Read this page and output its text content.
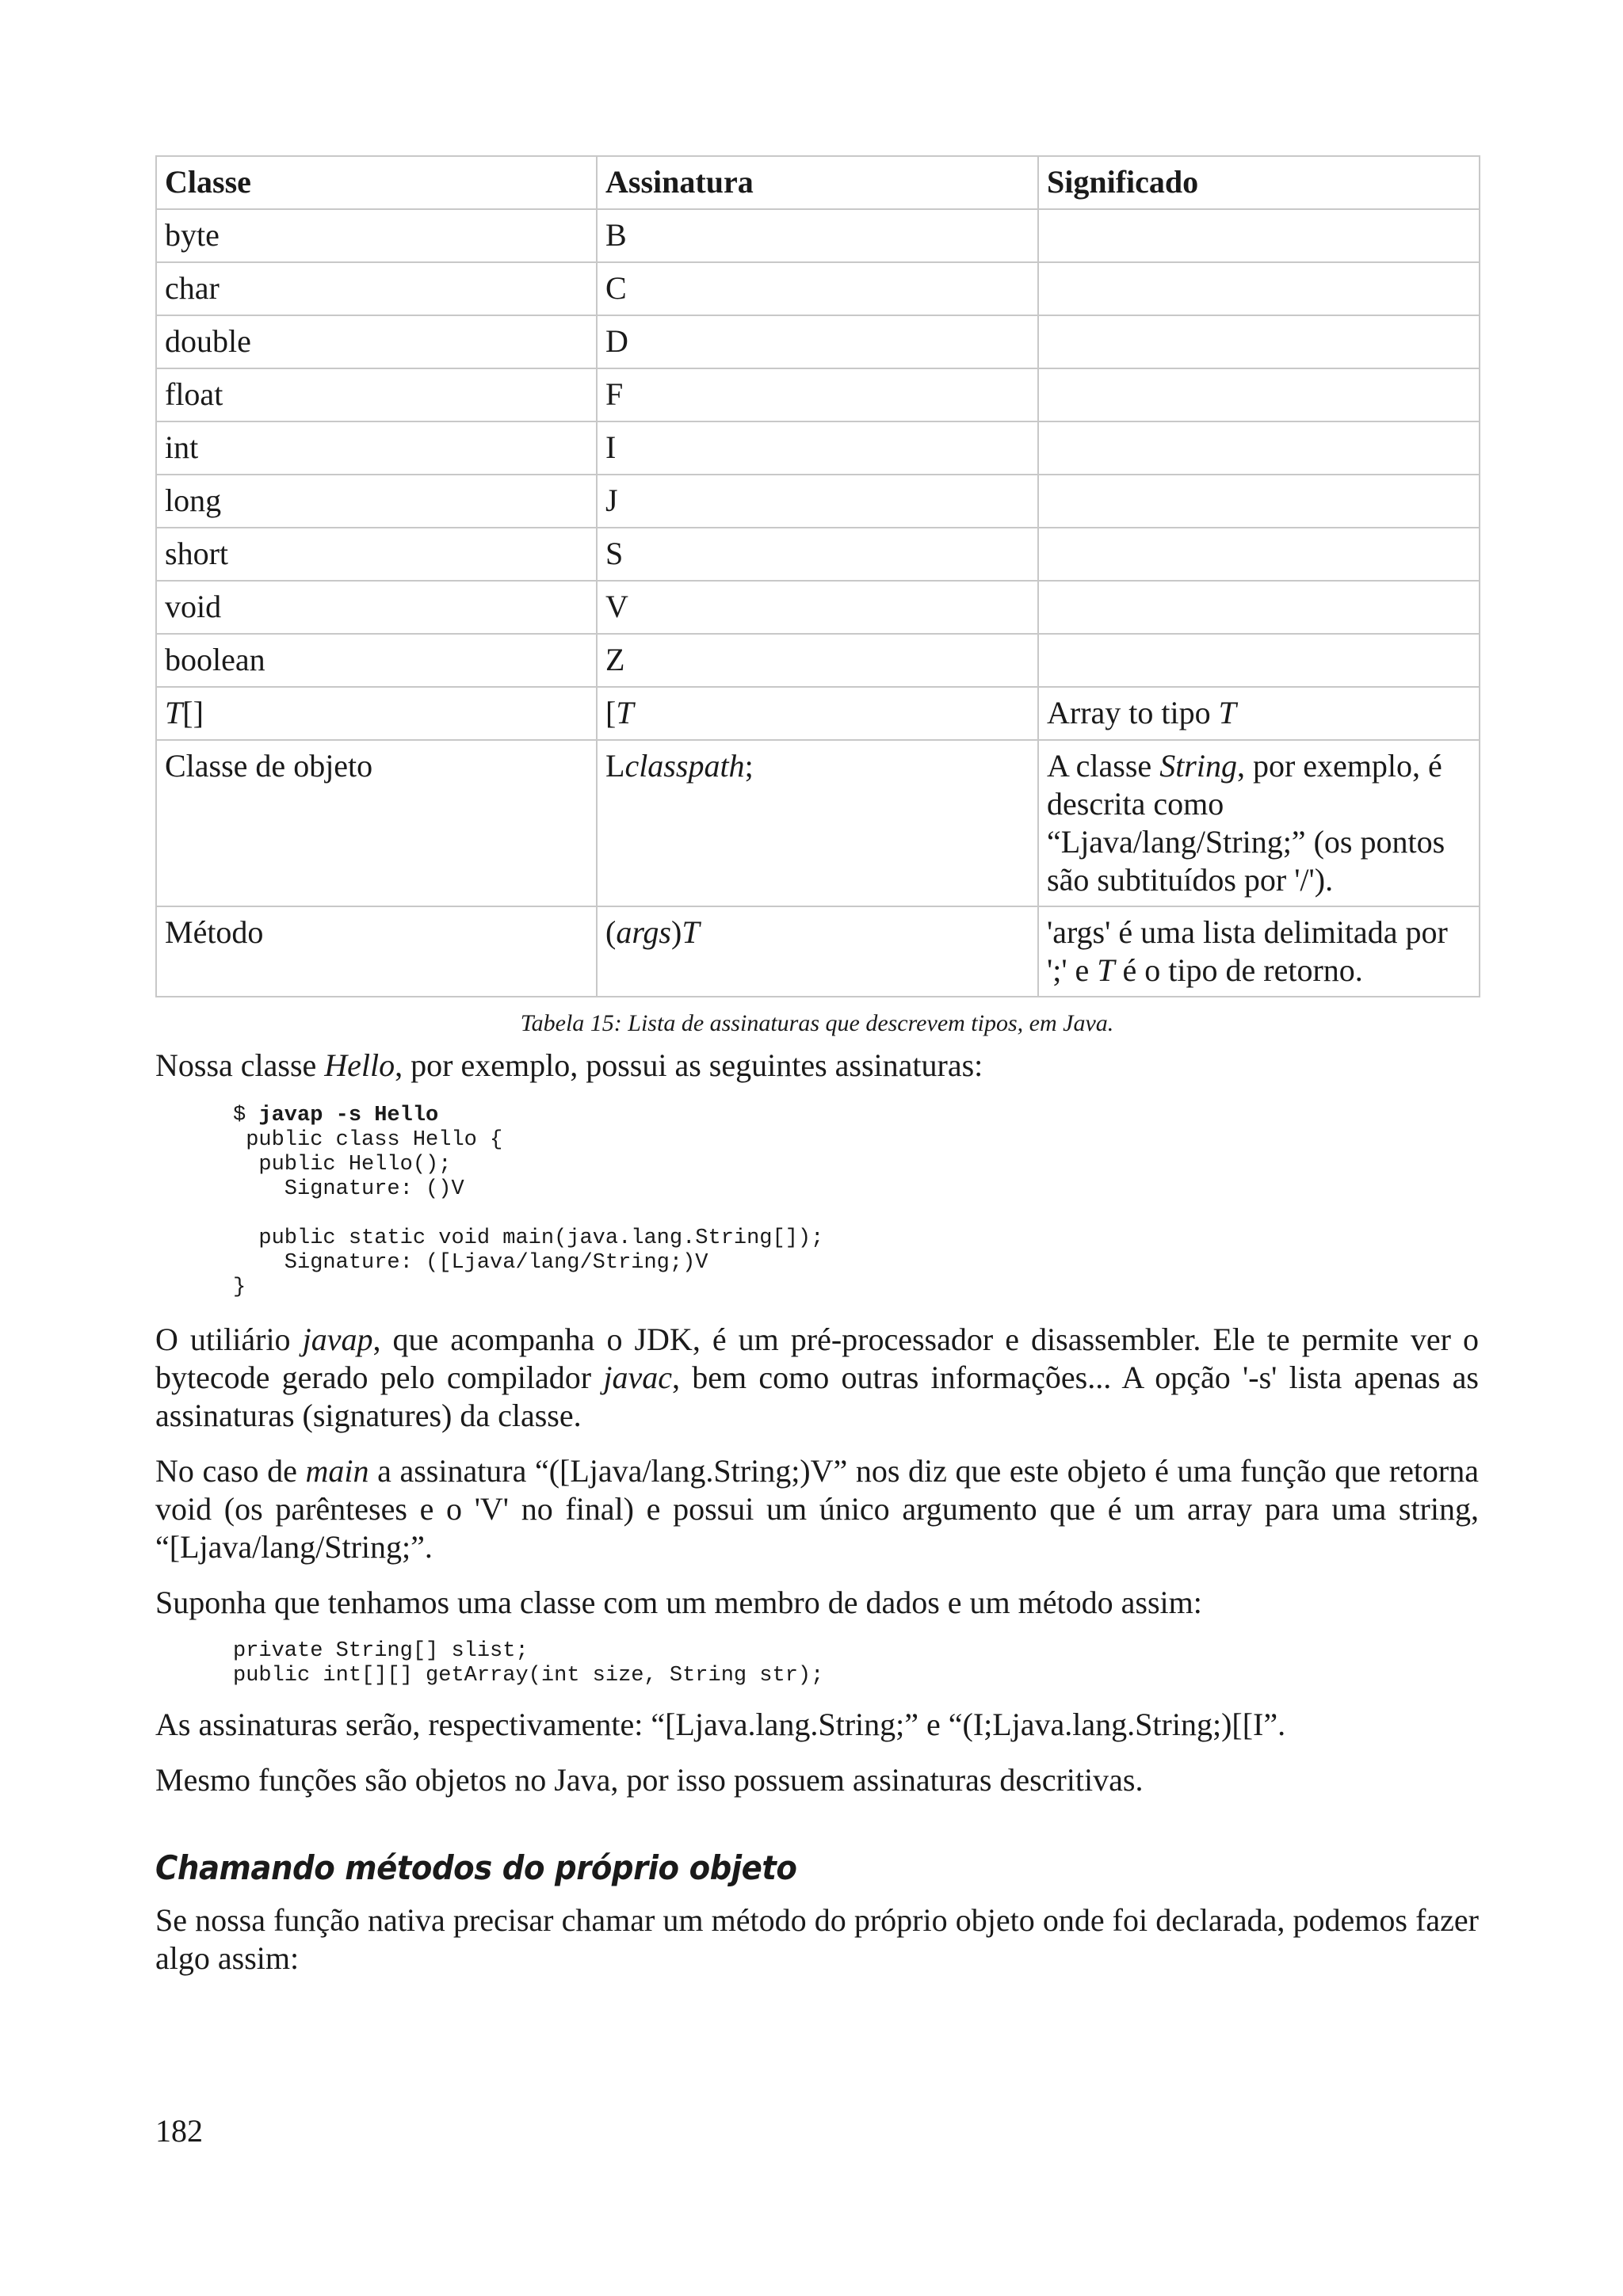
Classe	Assinatura	Significado
byte	B	
char	C	
double	D	
float	F	
int	I	
long	J	
short	S	
void	V	
boolean	Z	
T[]	[T	Array to tipo T
Classe de objeto	Lclasspath;	A classe String, por exemplo, é descrita como “Ljava/lang/String;” (os pontos são subtituídos por '/').
Método	(args)T	'args' é uma lista delimitada por ';' e T é o tipo de retorno.
Tabela 15: Lista de assinaturas que descrevem tipos, em Java.

Nossa classe Hello, por exemplo, possui as seguintes assinaturas:

$ javap -s Hello
public class Hello {
public Hello();
Signature: ()V

public static void main(java.lang.String[]);
Signature: ([Ljava/lang/String;)V
}

O utiliário javap, que acompanha o JDK, é um pré-processador e disassembler. Ele te permite ver o bytecode gerado pelo compilador javac, bem como outras informações... A opção '-s' lista apenas as assinaturas (signatures) da classe.

No caso de main a assinatura “([Ljava/lang.String;)V” nos diz que este objeto é uma função que retorna void (os parênteses e o 'V' no final) e possui um único argumento que é um array para uma string, “[Ljava/lang/String;”.

Suponha que tenhamos uma classe com um membro de dados e um método assim:

private String[] slist;
public int[][] getArray(int size, String str);

As assinaturas serão, respectivamente: “[Ljava.lang.String;” e “(I;Ljava.lang.String;)[[I”.

Mesmo funções são objetos no Java, por isso possuem assinaturas descritivas.

Chamando métodos do próprio objeto

Se nossa função nativa precisar chamar um método do próprio objeto onde foi declarada, podemos fazer algo assim:

182
